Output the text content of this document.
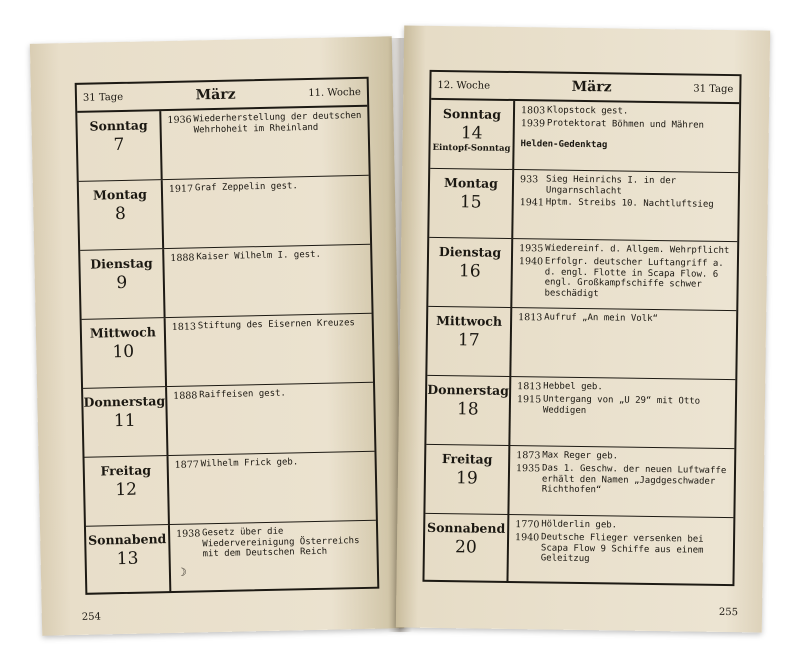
31 Tage	März	11. Woche
Sonntag
7
1936 Wiederherstellung der deutschen Wehrhoheit im Rheinland
Montag
8
1917 Graf Zeppelin gest.
Dienstag
9
1888 Kaiser Wilhelm I. gest.
Mittwoch
10
1813 Stiftung des Eisernen Kreuzes
Donnerstag
11
1888 Raiffeisen gest.
Freitag
12
1877 Wilhelm Frick geb.
Sonnabend
13
1938 Gesetz über die Wiedervereinigung Österreichs mit dem Deutschen Reich
☽
254
12. Woche	März	31 Tage
Sonntag
14
Eintopf-Sonntag
1803 Klopstock gest.
1939 Protektorat Böhmen und Mähren
Helden-Gedenktag
Montag
15
933 Sieg Heinrichs I. in der Ungarnschlacht
1941 Hptm. Streibs 10. Nachtluftsieg
Dienstag
16
1935 Wiedereinf. d. Allgem. Wehrpflicht
1940 Erfolgr. deutscher Luftangriff a. d. engl. Flotte in Scapa Flow. 6 engl. Großkampfschiffe schwer beschädigt
Mittwoch
17
1813 Aufruf „An mein Volk“
Donnerstag
18
1813 Hebbel geb.
1915 Untergang von „U 29“ mit Otto Weddigen
Freitag
19
1873 Max Reger geb.
1935 Das 1. Geschw. der neuen Luftwaffe erhält den Namen „Jagdgeschwader Richthofen“
Sonnabend
20
1770 Hölderlin geb.
1940 Deutsche Flieger versenken bei Scapa Flow 9 Schiffe aus einem Geleitzug
255
